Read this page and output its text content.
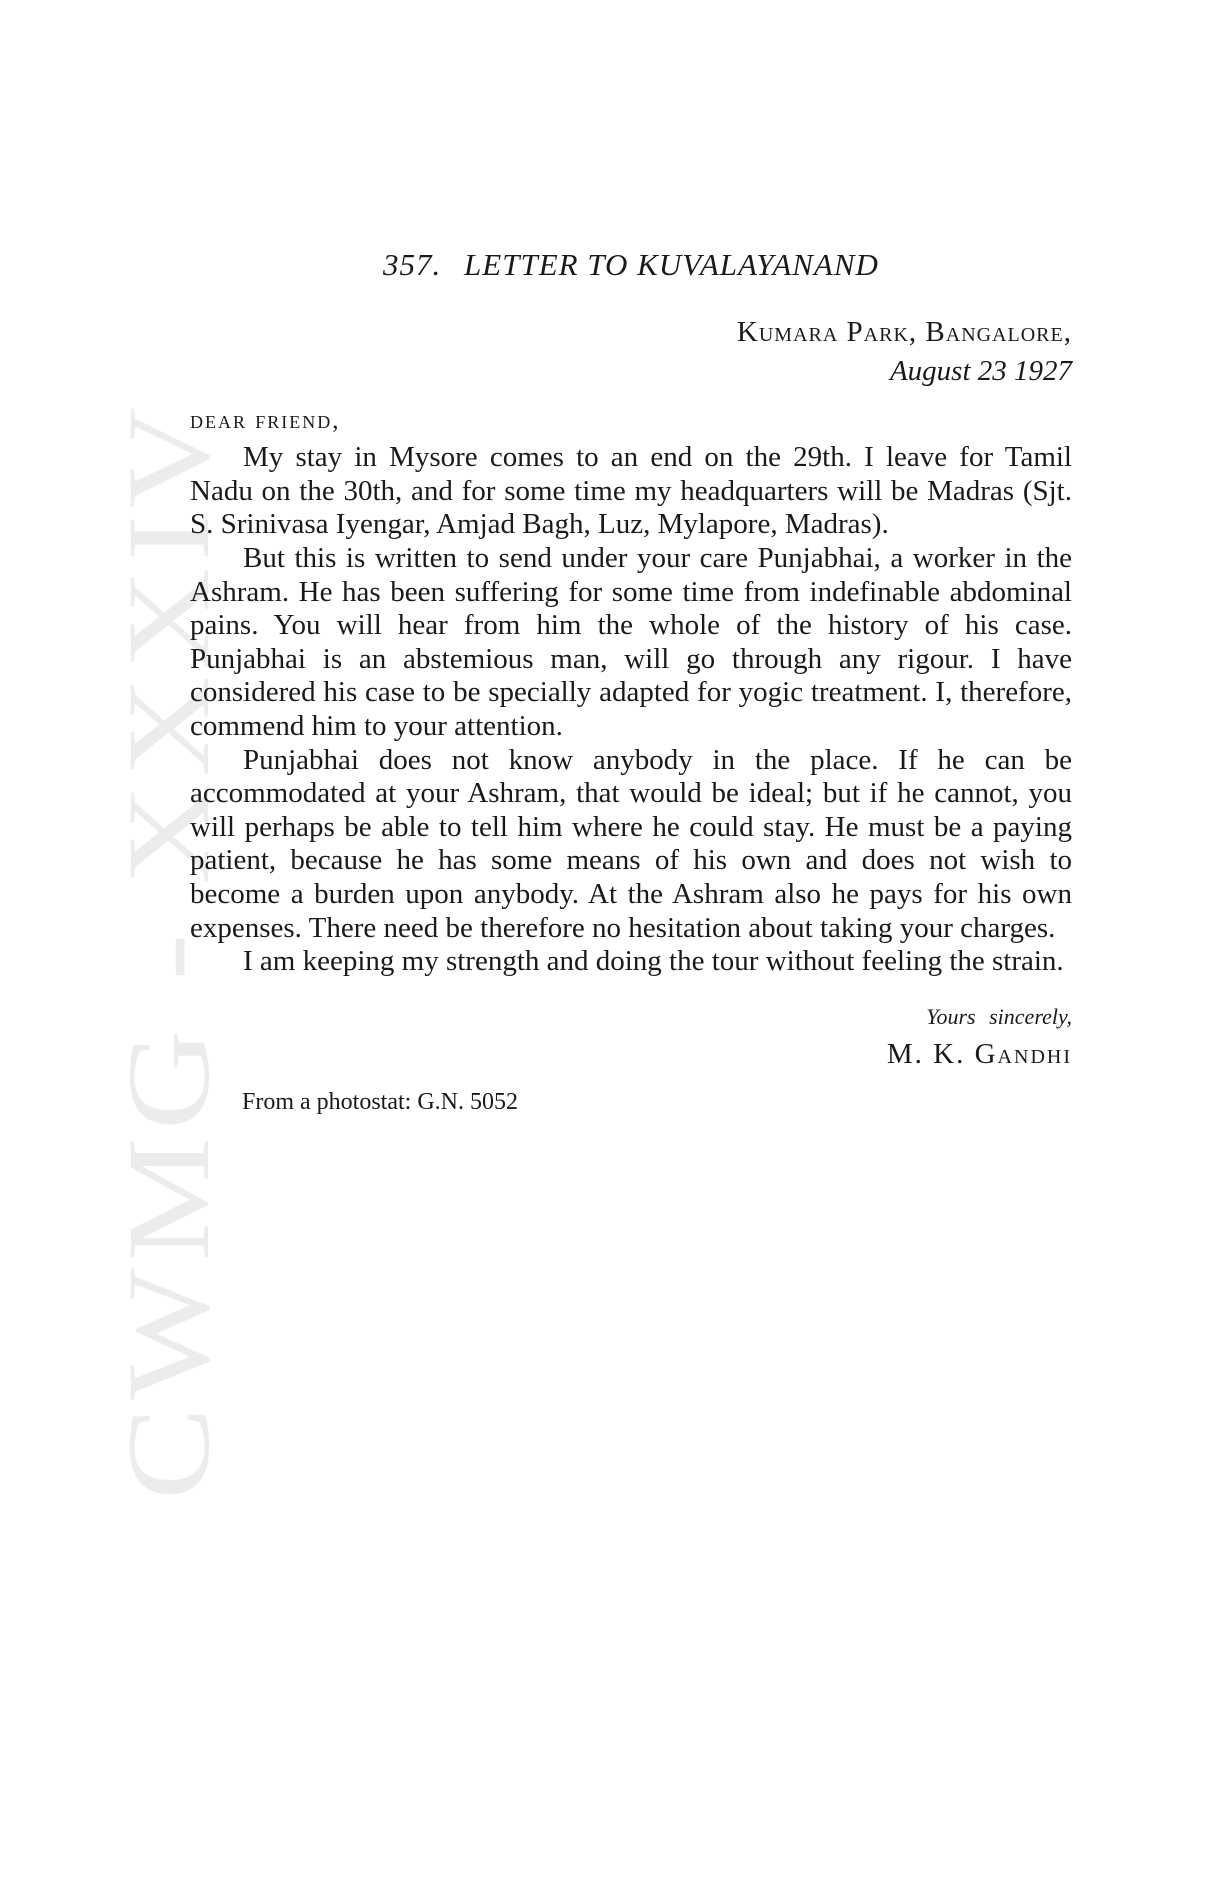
CWMG - XXXIV
357. LETTER TO KUVALAYANAND
Kumara Park, Bangalore,
August 23 1927
dear friend,

My stay in Mysore comes to an end on the 29th. I leave for Tamil Nadu on the 30th, and for some time my headquarters will be Madras (Sjt. S. Srinivasa Iyengar, Amjad Bagh, Luz, Mylapore, Madras).

But this is written to send under your care Punjabhai, a worker in the Ashram. He has been suffering for some time from indefinable abdominal pains. You will hear from him the whole of the history of his case. Punjabhai is an abstemious man, will go through any rigour. I have considered his case to be specially adapted for yogic treatment. I, therefore, commend him to your attention.

Punjabhai does not know anybody in the place. If he can be accommodated at your Ashram, that would be ideal; but if he cannot, you will perhaps be able to tell him where he could stay. He must be a paying patient, because he has some means of his own and does not wish to become a burden upon anybody. At the Ashram also he pays for his own expenses. There need be therefore no hesitation about taking your charges.

I am keeping my strength and doing the tour without feeling the strain.

Yours sincerely,
M. K. Gandhi
From a photostat: G.N. 5052
